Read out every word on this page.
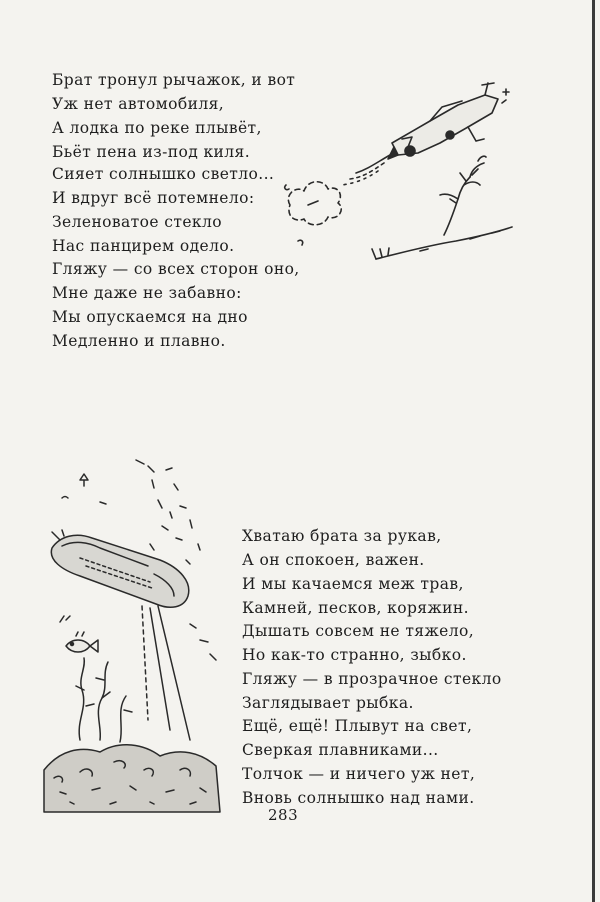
Брат тронул рычажок, и вот
Уж нет автомобиля,
А лодка по реке плывёт,
Бьёт пена из-под киля.
Сияет солнышко светло...
И вдруг всё потемнело:
Зеленоватое стекло
Нас панцирем одело.
Гляжу — со всех сторон оно,
Мне даже не забавно:
Мы опускаемся на дно
Медленно и плавно.
Хватаю брата за рукав,
А он спокоен, важен.
И мы качаемся меж трав,
Камней, песков, коряжин.
Дышать совсем не тяжело,
Но как-то странно, зыбко.
Гляжу — в прозрачное стекло
Заглядывает рыбка.
Ещё, ещё! Плывут на свет,
Сверкая плавниками...
Толчок — и ничего уж нет,
Вновь солнышко над нами.
283
